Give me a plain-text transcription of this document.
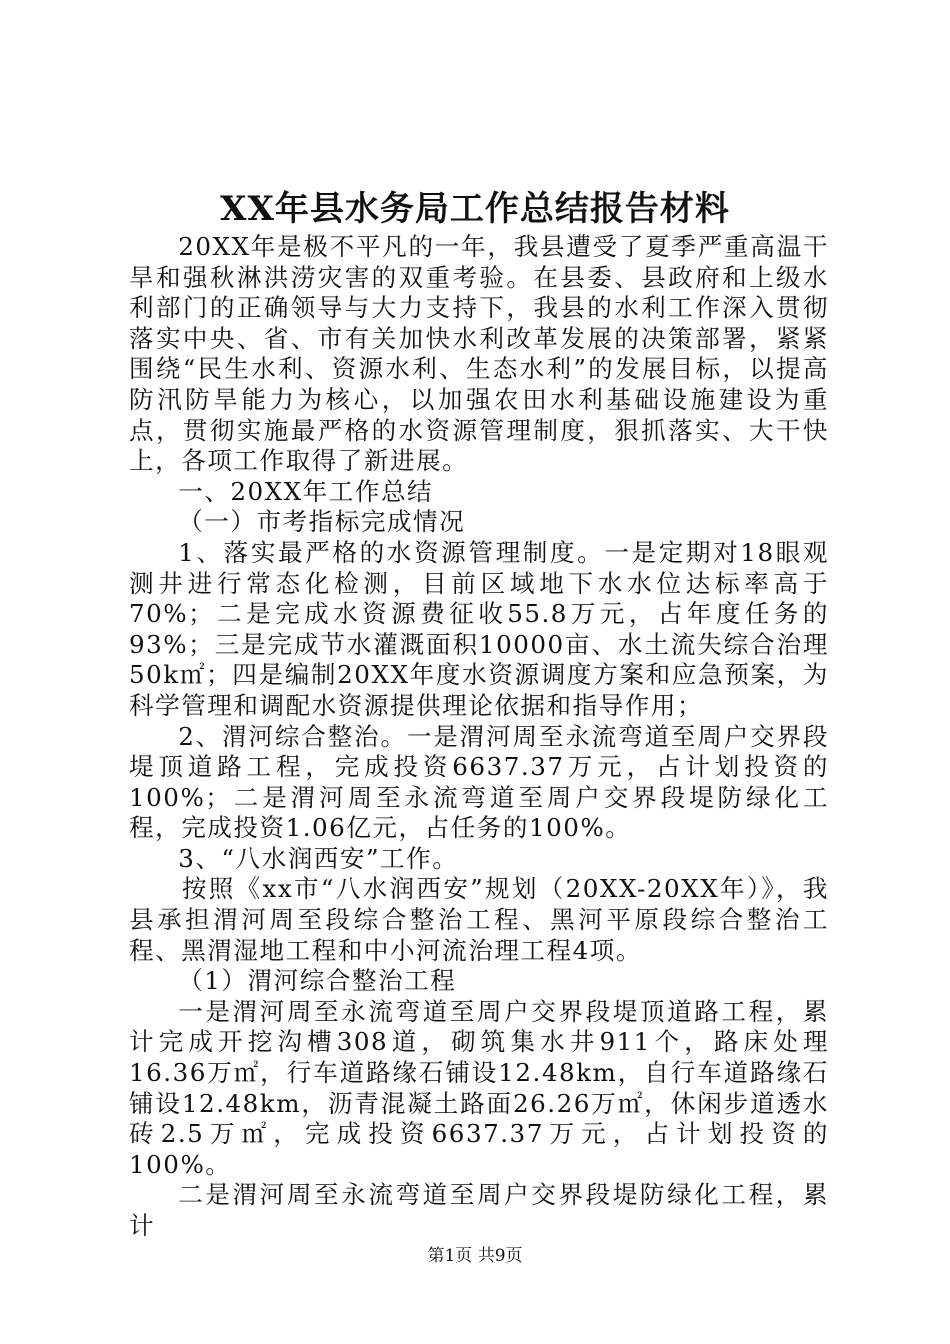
XX年县水务局工作总结报告材料

20XX年是极不平凡的一年，我县遭受了夏季严重高温干旱和强秋淋洪涝灾害的双重考验。在县委、县政府和上级水利部门的正确领导与大力支持下，我县的水利工作深入贯彻落实中央、省、市有关加快水利改革发展的决策部署，紧紧围绕“民生水利、资源水利、生态水利”的发展目标，以提高防汛防旱能力为核心，以加强农田水利基础设施建设为重点，贯彻实施最严格的水资源管理制度，狠抓落实、大干快上，各项工作取得了新进展。

一、20XX年工作总结

（一）市考指标完成情况

1、落实最严格的水资源管理制度。一是定期对18眼观测井进行常态化检测，目前区域地下水水位达标率高于70%；二是完成水资源费征收55.8万元，占年度任务的93%；三是完成节水灌溉面积10000亩、水土流失综合治理50k㎡；四是编制20XX年度水资源调度方案和应急预案，为科学管理和调配水资源提供理论依据和指导作用；

2、渭河综合整治。一是渭河周至永流弯道至周户交界段堤顶道路工程，完成投资6637.37万元，占计划投资的100%；二是渭河周至永流弯道至周户交界段堤防绿化工程，完成投资1.06亿元，占任务的100%。

3、“八水润西安”工作。

按照《xx市“八水润西安”规划（20XX-20XX年）》，我县承担渭河周至段综合整治工程、黑河平原段综合整治工程、黑渭湿地工程和中小河流治理工程4项。

（1）渭河综合整治工程

一是渭河周至永流弯道至周户交界段堤顶道路工程，累计完成开挖沟槽308道，砌筑集水井911个，路床处理16.36万㎡，行车道路缘石铺设12.48km，自行车道路缘石铺设12.48km，沥青混凝土路面26.26万㎡，休闲步道透水砖2.5万㎡，完成投资6637.37万元，占计划投资的100%。

二是渭河周至永流弯道至周户交界段堤防绿化工程，累计

第1页 共9页
